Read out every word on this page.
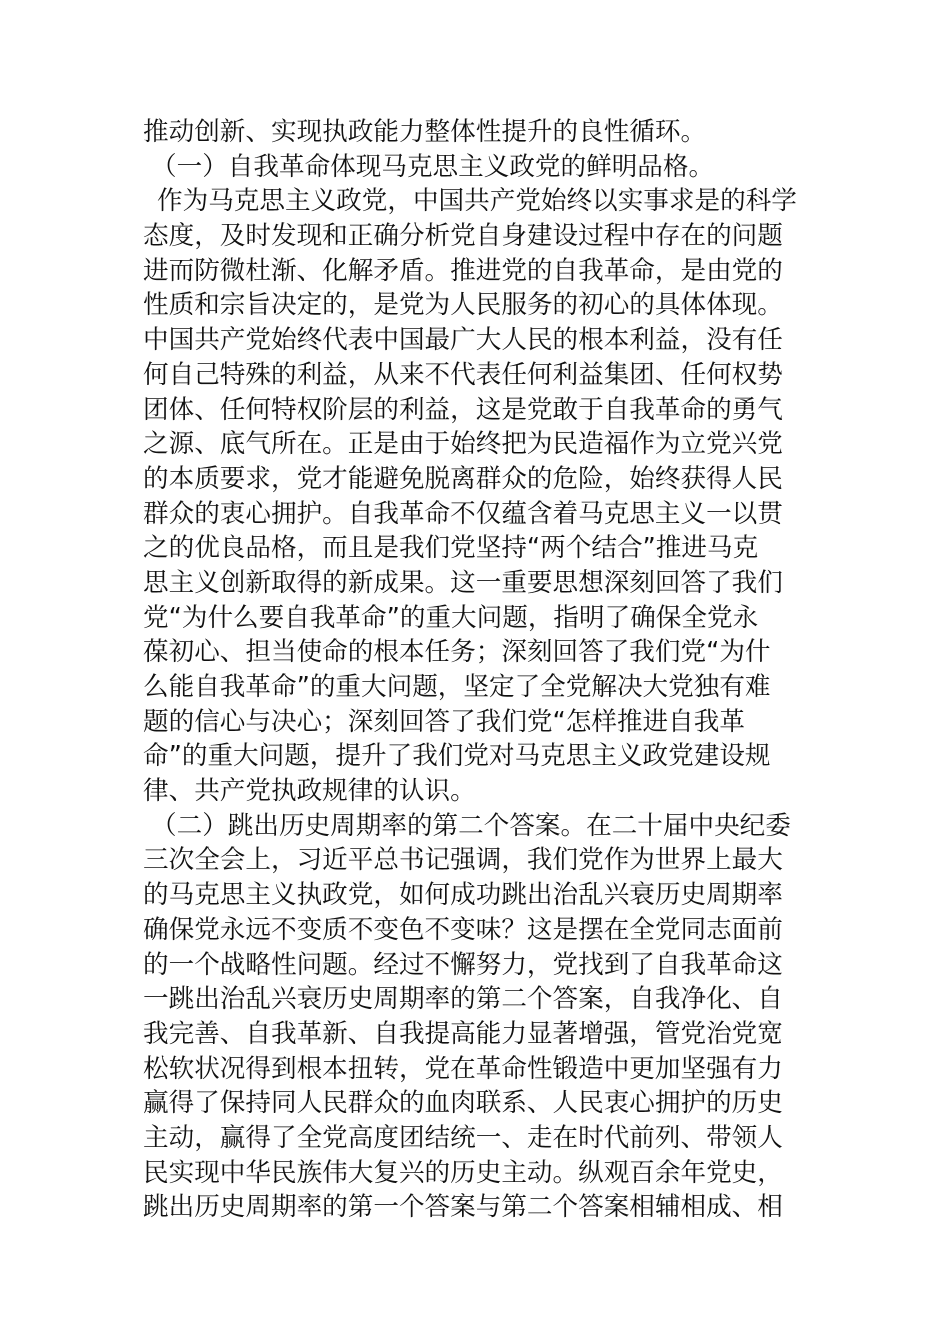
推动创新、实现执政能力整体性提升的良性循环。
（一）自我革命体现马克思主义政党的鲜明品格。
作为马克思主义政党，中国共产党始终以实事求是的科学
态度，及时发现和正确分析党自身建设过程中存在的问题
进而防微杜渐、化解矛盾。推进党的自我革命，是由党的
性质和宗旨决定的，是党为人民服务的初心的具体体现。
中国共产党始终代表中国最广大人民的根本利益，没有任
何自己特殊的利益，从来不代表任何利益集团、任何权势
团体、任何特权阶层的利益，这是党敢于自我革命的勇气
之源、底气所在。正是由于始终把为民造福作为立党兴党
的本质要求，党才能避免脱离群众的危险，始终获得人民
群众的衷心拥护。自我革命不仅蕴含着马克思主义一以贯
之的优良品格，而且是我们党坚持“两个结合”推进马克
思主义创新取得的新成果。这一重要思想深刻回答了我们
党“为什么要自我革命”的重大问题，指明了确保全党永
葆初心、担当使命的根本任务；深刻回答了我们党“为什
么能自我革命”的重大问题，坚定了全党解决大党独有难
题的信心与决心；深刻回答了我们党“怎样推进自我革
命”的重大问题，提升了我们党对马克思主义政党建设规
律、共产党执政规律的认识。
（二）跳出历史周期率的第二个答案。在二十届中央纪委
三次全会上，习近平总书记强调，我们党作为世界上最大
的马克思主义执政党，如何成功跳出治乱兴衰历史周期率
确保党永远不变质不变色不变味？这是摆在全党同志面前
的一个战略性问题。经过不懈努力，党找到了自我革命这
一跳出治乱兴衰历史周期率的第二个答案，自我净化、自
我完善、自我革新、自我提高能力显著增强，管党治党宽
松软状况得到根本扭转，党在革命性锻造中更加坚强有力
赢得了保持同人民群众的血肉联系、人民衷心拥护的历史
主动，赢得了全党高度团结统一、走在时代前列、带领人
民实现中华民族伟大复兴的历史主动。纵观百余年党史，
跳出历史周期率的第一个答案与第二个答案相辅相成、相
